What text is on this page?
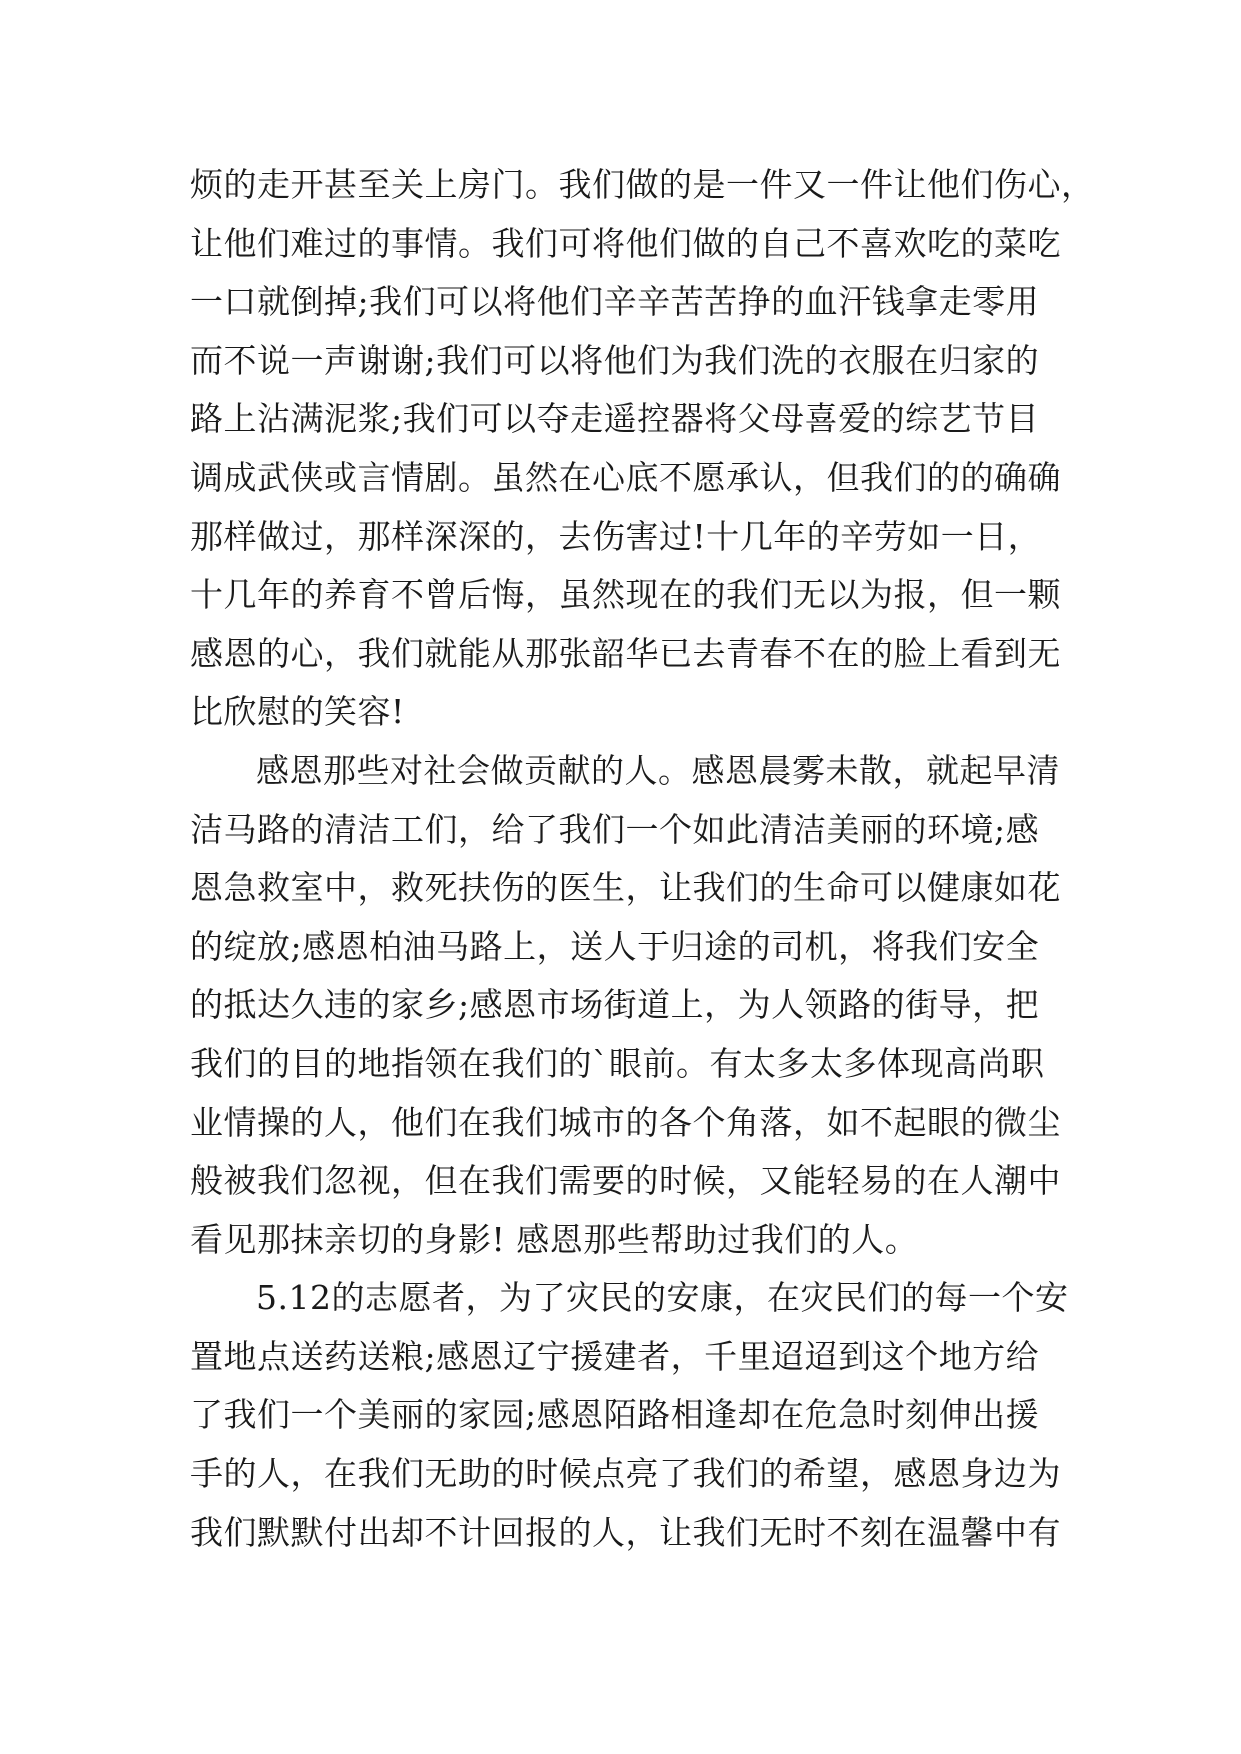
烦的走开甚至关上房门。我们做的是一件又一件让他们伤心，
让他们难过的事情。我们可将他们做的自己不喜欢吃的菜吃
一口就倒掉;我们可以将他们辛辛苦苦挣的血汗钱拿走零用
而不说一声谢谢;我们可以将他们为我们洗的衣服在归家的
路上沾满泥浆;我们可以夺走遥控器将父母喜爱的综艺节目
调成武侠或言情剧。虽然在心底不愿承认，但我们的的确确
那样做过，那样深深的，去伤害过!十几年的辛劳如一日，
十几年的养育不曾后悔，虽然现在的我们无以为报，但一颗
感恩的心，我们就能从那张韶华已去青春不在的脸上看到无
比欣慰的笑容!
感恩那些对社会做贡献的人。感恩晨雾未散，就起早清
洁马路的清洁工们，给了我们一个如此清洁美丽的环境;感
恩急救室中，救死扶伤的医生，让我们的生命可以健康如花
的绽放;感恩柏油马路上，送人于归途的司机，将我们安全
的抵达久违的家乡;感恩市场街道上，为人领路的街导，把
我们的目的地指领在我们的`眼前。有太多太多体现高尚职
业情操的人，他们在我们城市的各个角落，如不起眼的微尘
般被我们忽视，但在我们需要的时候，又能轻易的在人潮中
看见那抹亲切的身影! 感恩那些帮助过我们的人。
5.12的志愿者，为了灾民的安康，在灾民们的每一个安
置地点送药送粮;感恩辽宁援建者，千里迢迢到这个地方给
了我们一个美丽的家园;感恩陌路相逢却在危急时刻伸出援
手的人，在我们无助的时候点亮了我们的希望，感恩身边为
我们默默付出却不计回报的人，让我们无时不刻在温馨中有
